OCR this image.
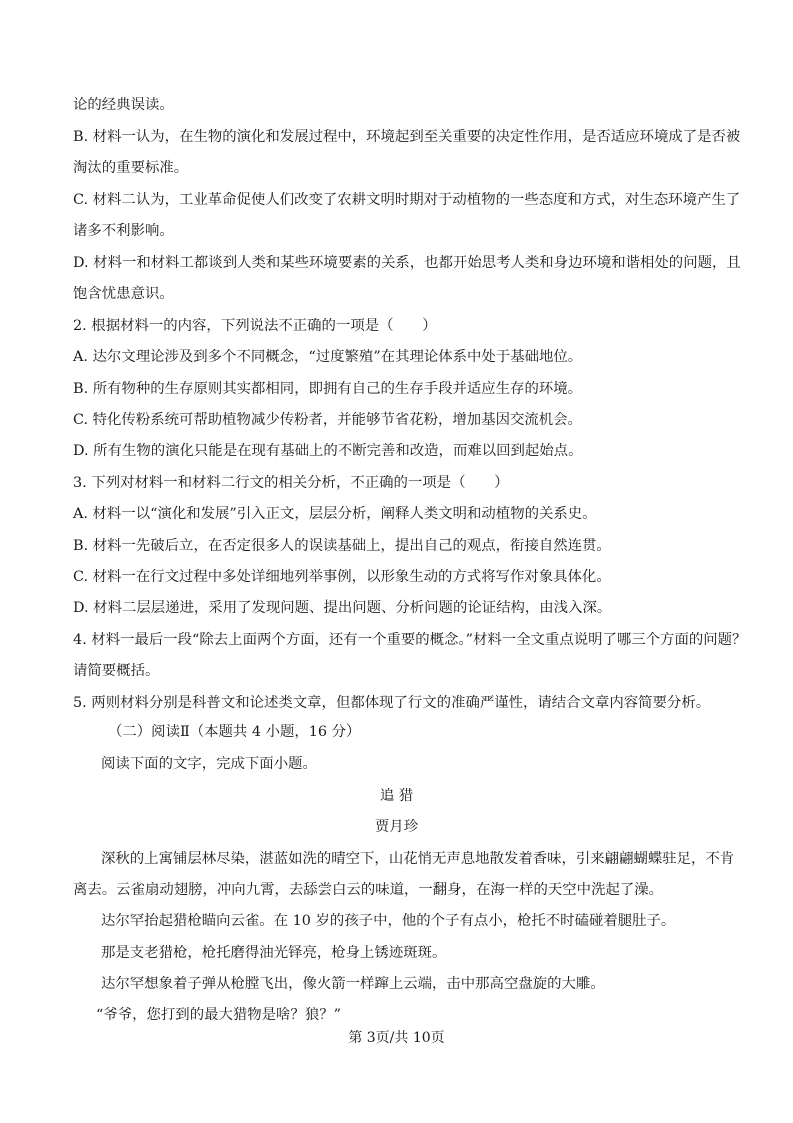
论的经典误读。
B. 材料一认为，在生物的演化和发展过程中，环境起到至关重要的决定性作用，是否适应环境成了是否被
淘汰的重要标准。
C. 材料二认为，工业革命促使人们改变了农耕文明时期对于动植物的一些态度和方式，对生态环境产生了
诸多不利影响。
D. 材料一和材料工都谈到人类和某些环境要素的关系，也都开始思考人类和身边环境和谐相处的问题，且
饱含忧患意识。
2. 根据材料一的内容，下列说法不正确的一项是（　　）
A. 达尔文理论涉及到多个不同概念，“过度繁殖”在其理论体系中处于基础地位。
B. 所有物种的生存原则其实都相同，即拥有自己的生存手段并适应生存的环境。
C. 特化传粉系统可帮助植物减少传粉者，并能够节省花粉，增加基因交流机会。
D. 所有生物的演化只能是在现有基础上的不断完善和改造，而难以回到起始点。
3. 下列对材料一和材料二行文的相关分析，不正确的一项是（　　）
A. 材料一以“演化和发展”引入正文，层层分析，阐释人类文明和动植物的关系史。
B. 材料一先破后立，在否定很多人的误读基础上，提出自己的观点，衔接自然连贯。
C. 材料一在行文过程中多处详细地列举事例，以形象生动的方式将写作对象具体化。
D. 材料二层层递进，采用了发现问题、提出问题、分析问题的论证结构，由浅入深。
4. 材料一最后一段“除去上面两个方面，还有一个重要的概念。”材料一全文重点说明了哪三个方面的问题？
请简要概括。
5. 两则材料分别是科普文和论述类文章，但都体现了行文的准确严谨性，请结合文章内容简要分析。
（二）阅读Ⅱ（本题共 4 小题，16 分）
阅读下面的文字，完成下面小题。
追 猎
贾月珍
深秋的上寓铺层林尽染，湛蓝如洗的晴空下，山花悄无声息地散发着香味，引来翩翩蝴蝶驻足，不肯
离去。云雀扇动翅膀，冲向九霄，去舔尝白云的味道，一翻身，在海一样的天空中洗起了澡。
达尔罕抬起猎枪瞄向云雀。在 10 岁的孩子中，他的个子有点小，枪托不时磕碰着腿肚子。
那是支老猎枪，枪托磨得油光铎亮，枪身上锈迹斑斑。
达尔罕想象着子弹从枪膛飞出，像火箭一样蹿上云端，击中那高空盘旋的大雕。
“爷爷，您打到的最大猎物是啥？狼？”
第 3页/共 10页
